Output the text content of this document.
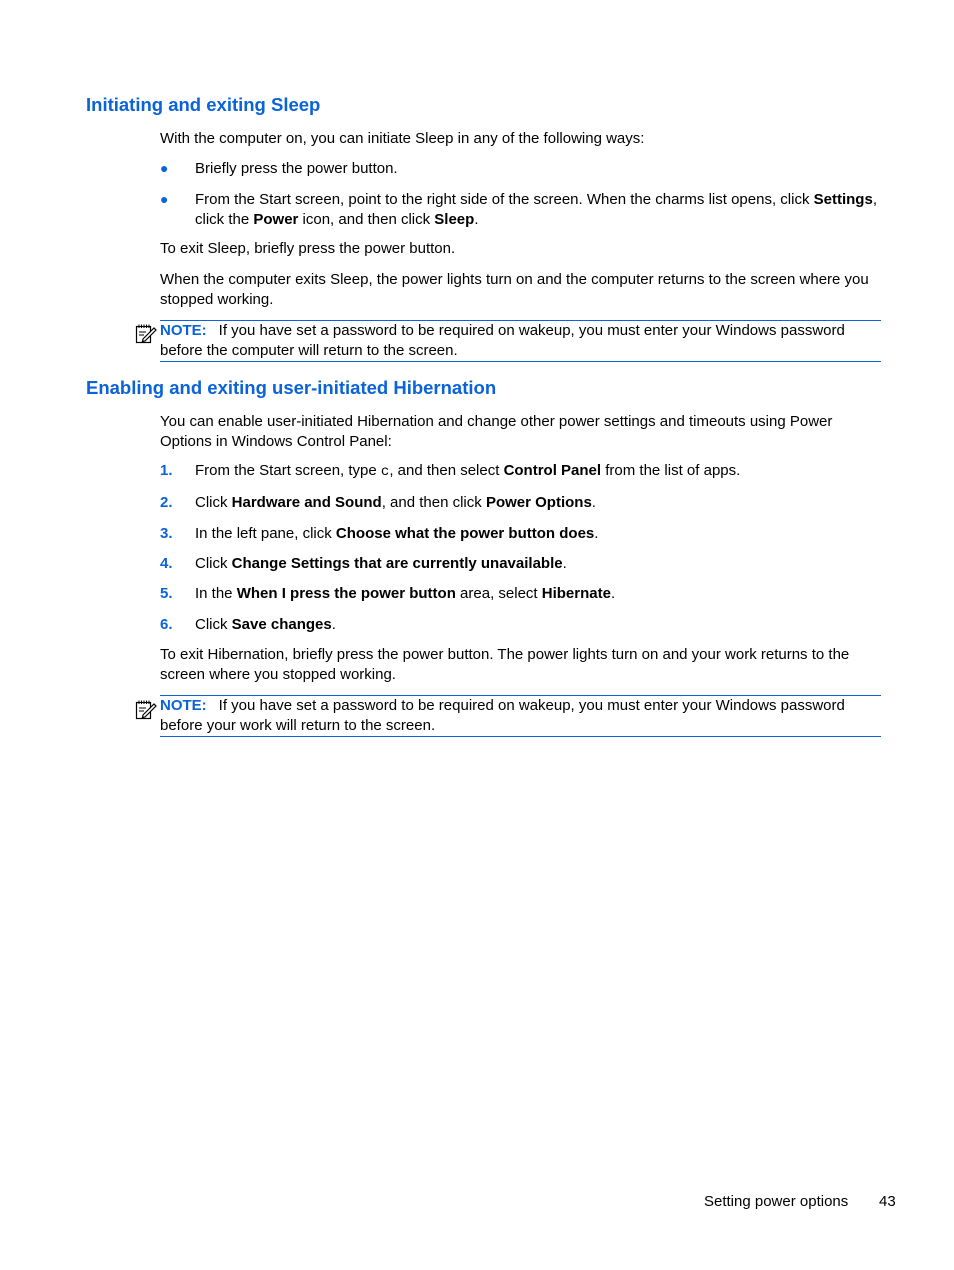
Initiating and exiting Sleep
With the computer on, you can initiate Sleep in any of the following ways:
● Briefly press the power button.
● From the Start screen, point to the right side of the screen. When the charms list opens, click Settings, click the Power icon, and then click Sleep.
To exit Sleep, briefly press the power button.
When the computer exits Sleep, the power lights turn on and the computer returns to the screen where you stopped working.
NOTE: If you have set a password to be required on wakeup, you must enter your Windows password before the computer will return to the screen.
Enabling and exiting user-initiated Hibernation
You can enable user-initiated Hibernation and change other power settings and timeouts using Power Options in Windows Control Panel:
1. From the Start screen, type c, and then select Control Panel from the list of apps.
2. Click Hardware and Sound, and then click Power Options.
3. In the left pane, click Choose what the power button does.
4. Click Change Settings that are currently unavailable.
5. In the When I press the power button area, select Hibernate.
6. Click Save changes.
To exit Hibernation, briefly press the power button. The power lights turn on and your work returns to the screen where you stopped working.
NOTE: If you have set a password to be required on wakeup, you must enter your Windows password before your work will return to the screen.
Setting power options 43
